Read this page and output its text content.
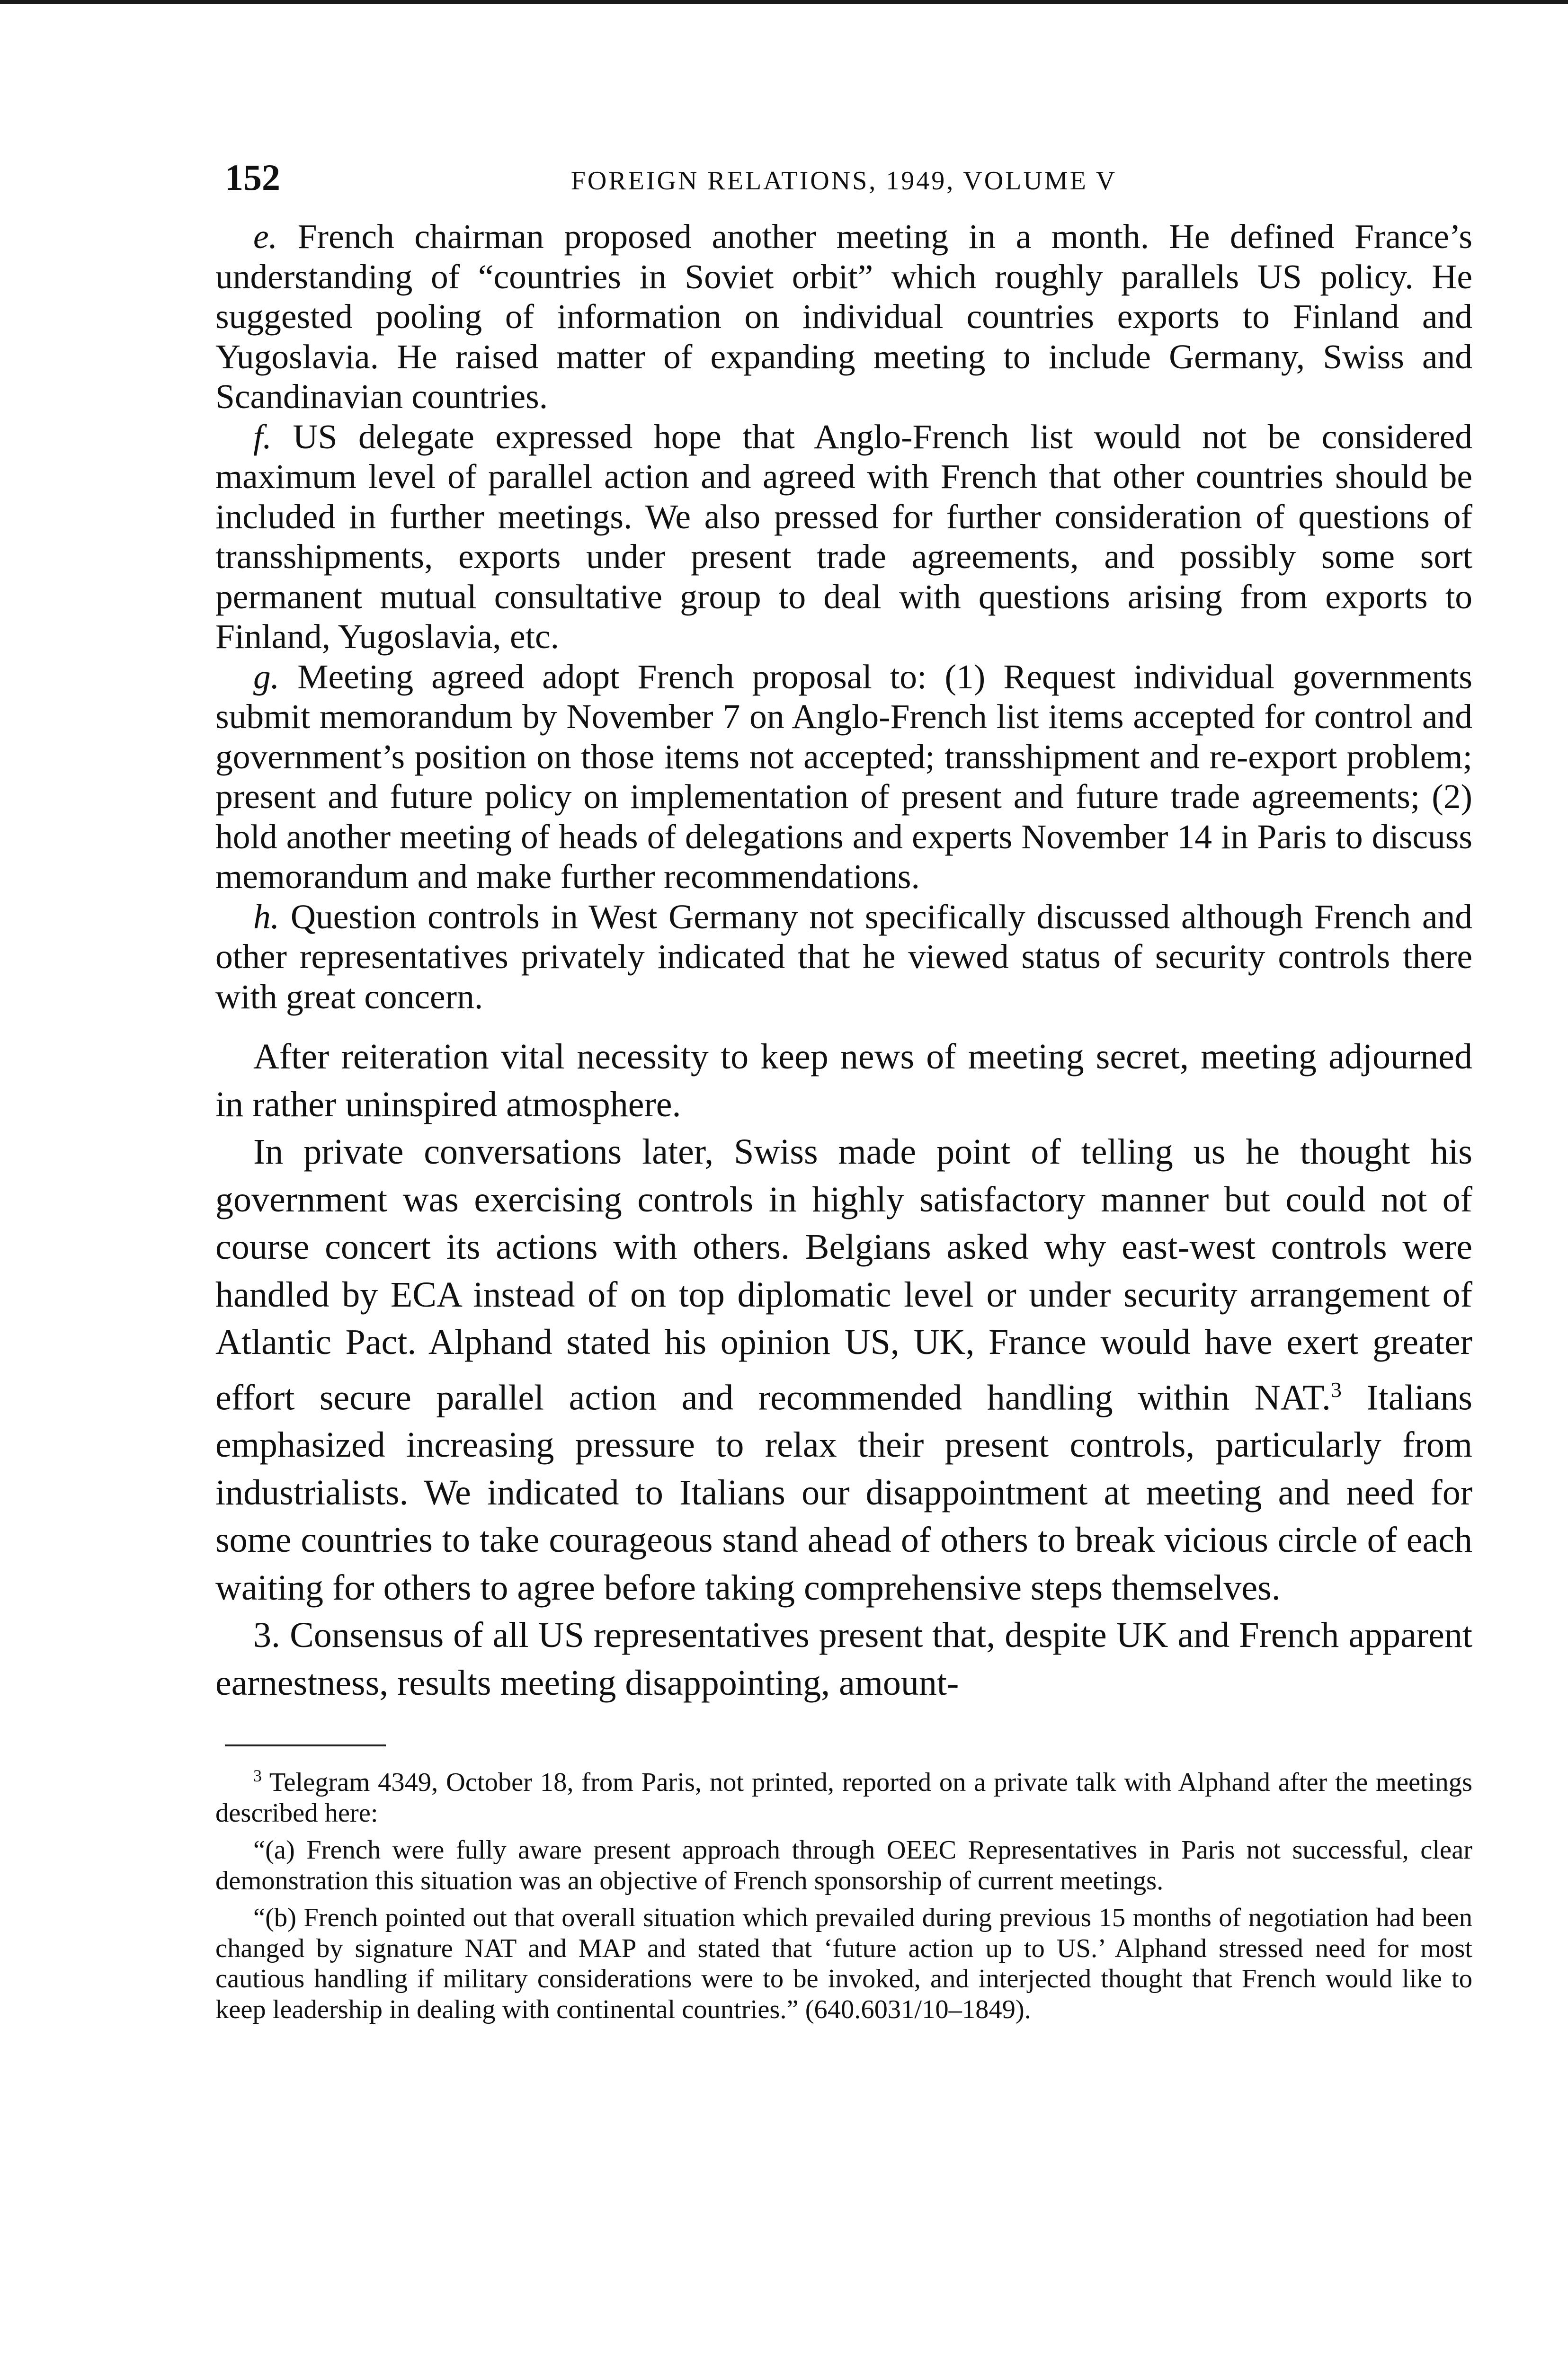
152	FOREIGN RELATIONS, 1949, VOLUME V

e. French chairman proposed another meeting in a month. He defined France’s understanding of “countries in Soviet orbit” which roughly parallels US policy. He suggested pooling of information on individual countries exports to Finland and Yugoslavia. He raised matter of expanding meeting to include Germany, Swiss and Scandinavian countries.

f. US delegate expressed hope that Anglo-French list would not be considered maximum level of parallel action and agreed with French that other countries should be included in further meetings. We also pressed for further consideration of questions of transshipments, exports under present trade agreements, and possibly some sort permanent mutual consultative group to deal with questions arising from exports to Finland, Yugoslavia, etc.

g. Meeting agreed adopt French proposal to: (1) Request individual governments submit memorandum by November 7 on Anglo-French list items accepted for control and government’s position on those items not accepted; transshipment and re-export problem; present and future policy on implementation of present and future trade agreements; (2) hold another meeting of heads of delegations and experts November 14 in Paris to discuss memorandum and make further recommendations.

h. Question controls in West Germany not specifically discussed although French and other representatives privately indicated that he viewed status of security controls there with great concern.

After reiteration vital necessity to keep news of meeting secret, meeting adjourned in rather uninspired atmosphere.

In private conversations later, Swiss made point of telling us he thought his government was exercising controls in highly satisfactory manner but could not of course concert its actions with others. Belgians asked why east-west controls were handled by ECA instead of on top diplomatic level or under security arrangement of Atlantic Pact. Alphand stated his opinion US, UK, France would have exert greater effort secure parallel action and recommended handling within NAT.$^3$ Italians emphasized increasing pressure to relax their present controls, particularly from industrialists. We indicated to Italians our disappointment at meeting and need for some countries to take courageous stand ahead of others to break vicious circle of each waiting for others to agree before taking comprehensive steps themselves.

3. Consensus of all US representatives present that, despite UK and French apparent earnestness, results meeting disappointing, amount-

$^3$ Telegram 4349, October 18, from Paris, not printed, reported on a private talk with Alphand after the meetings described here:

“(a) French were fully aware present approach through OEEC Representatives in Paris not successful, clear demonstration this situation was an objective of French sponsorship of current meetings.

“(b) French pointed out that overall situation which prevailed during previous 15 months of negotiation had been changed by signature NAT and MAP and stated that ‘future action up to US.’ Alphand stressed need for most cautious handling if military considerations were to be invoked, and interjected thought that French would like to keep leadership in dealing with continental countries.” (640.6031/10–1849).
